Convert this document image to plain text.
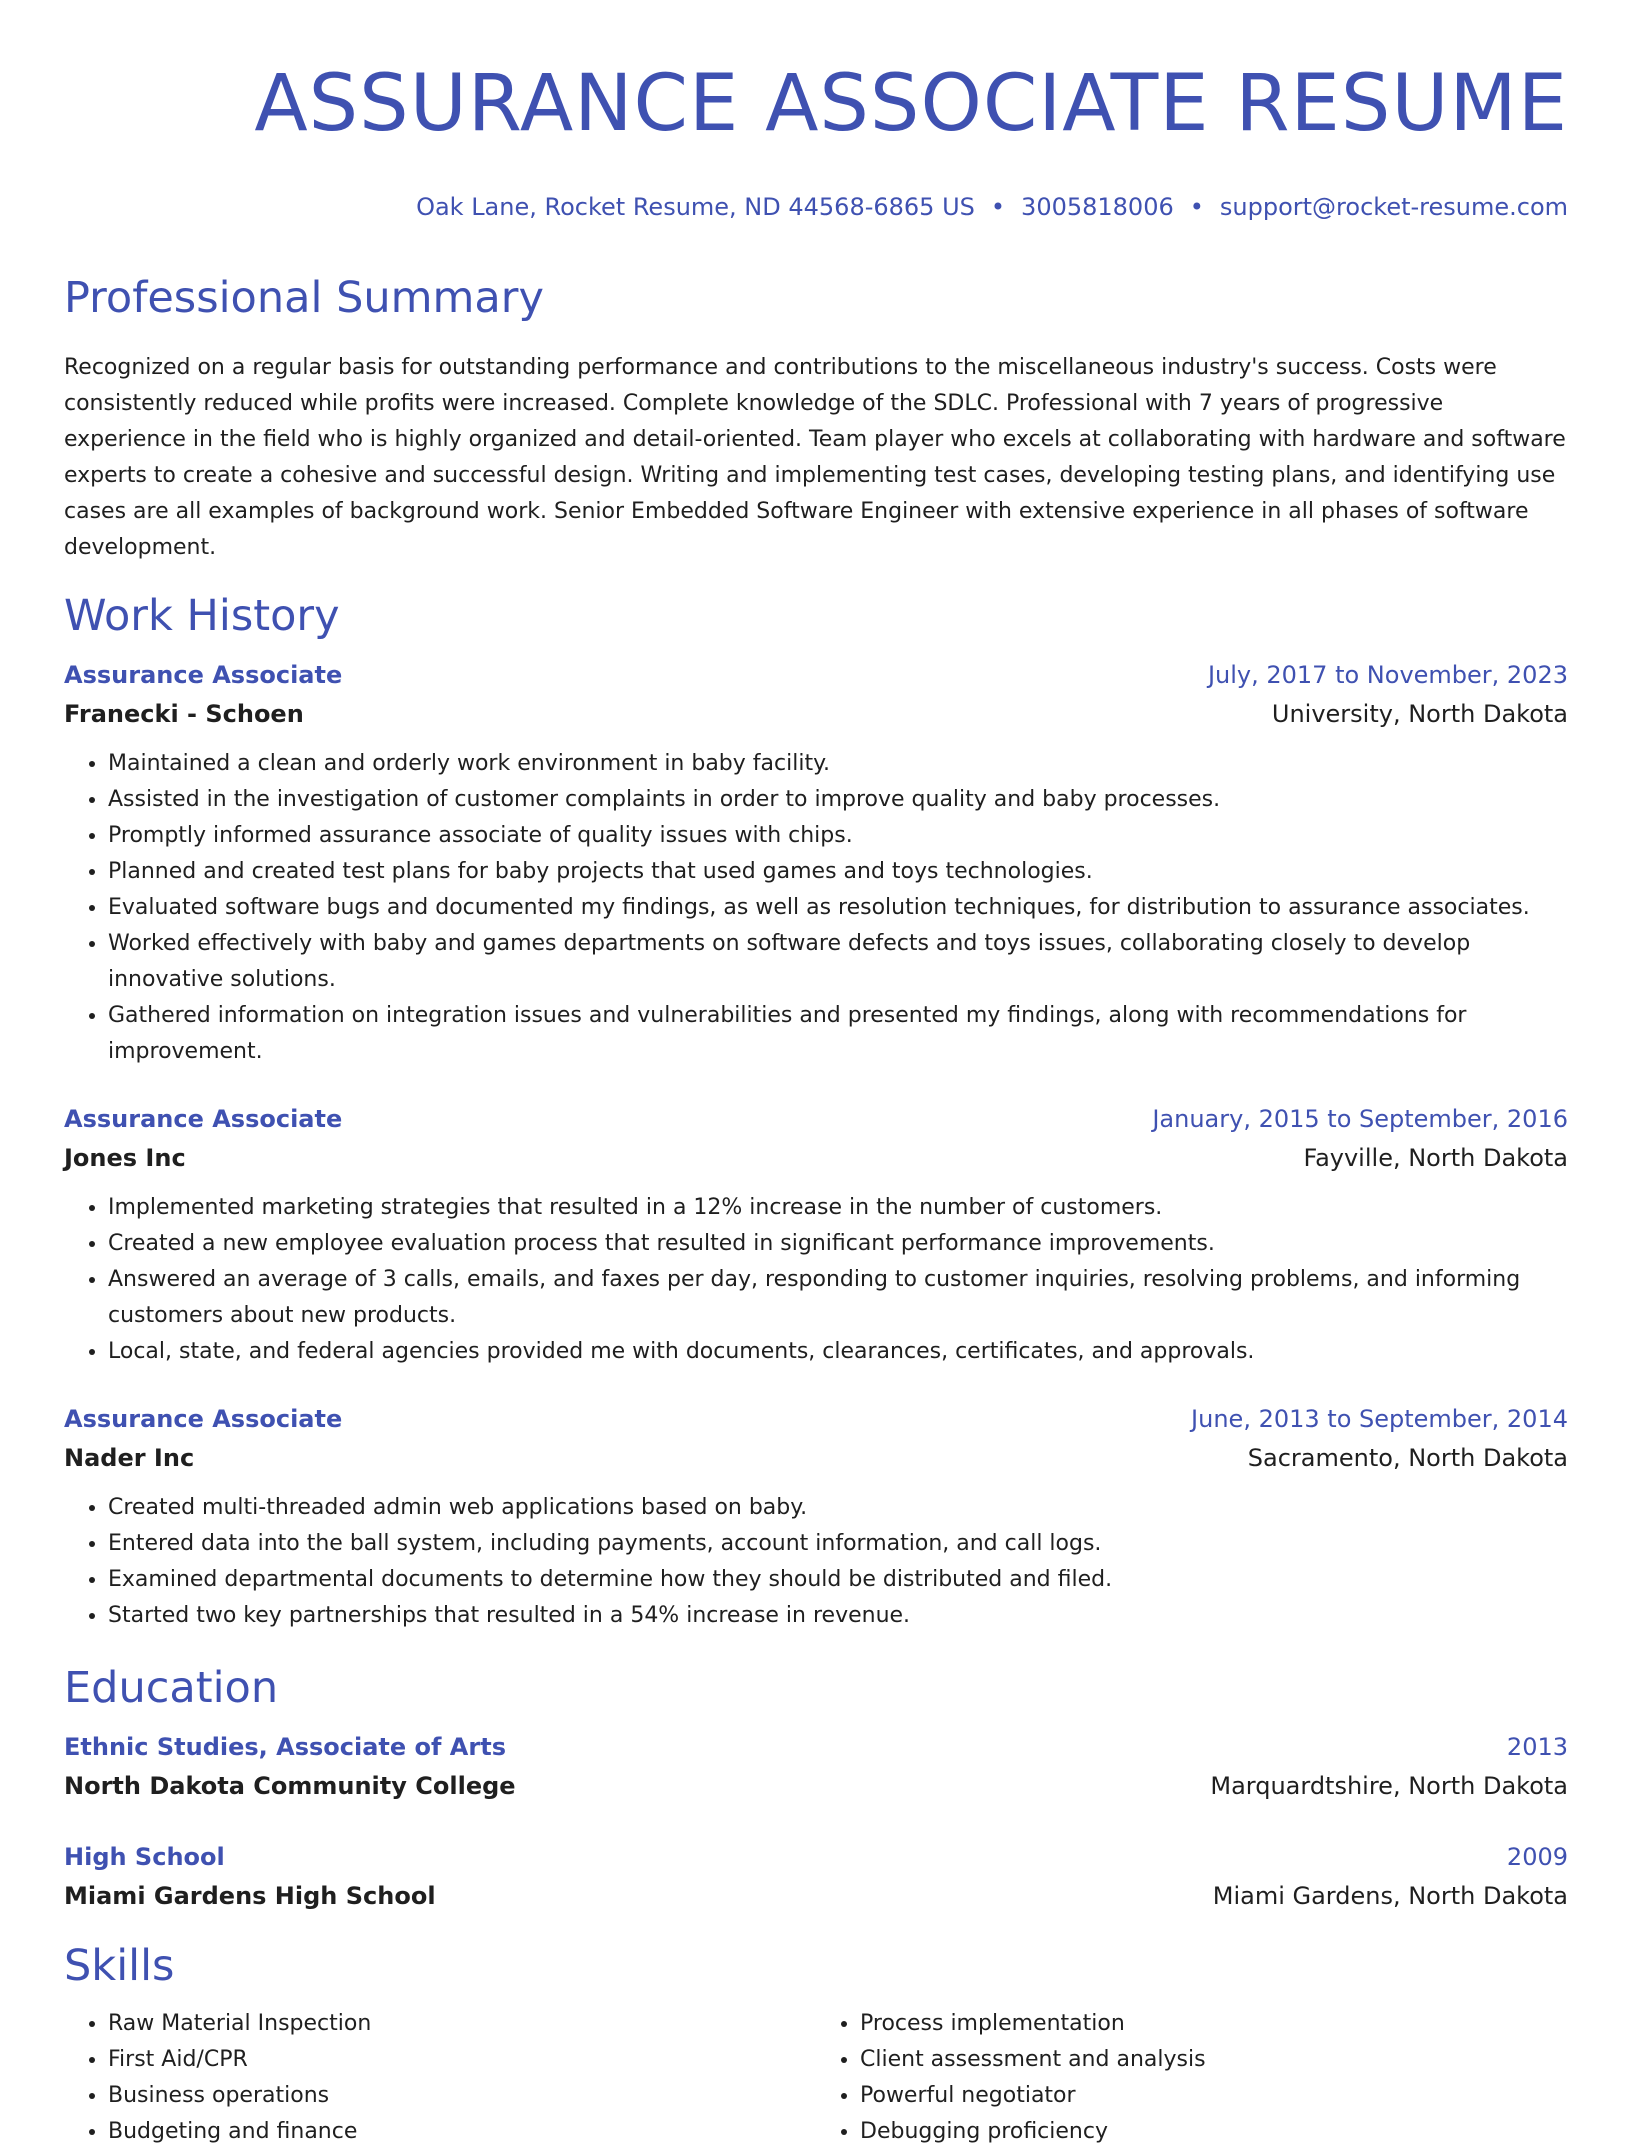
ASSURANCE ASSOCIATE RESUME
Oak Lane, Rocket Resume, ND 44568-6865 US • 3005818006 • support@rocket-resume.com
Professional Summary

Recognized on a regular basis for outstanding performance and contributions to the miscellaneous industry's success. Costs were consistently reduced while profits were increased. Complete knowledge of the SDLC. Professional with 7 years of progressive experience in the field who is highly organized and detail-oriented. Team player who excels at collaborating with hardware and software experts to create a cohesive and successful design. Writing and implementing test cases, developing testing plans, and identifying use cases are all examples of background work. Senior Embedded Software Engineer with extensive experience in all phases of software development.

Work History
Assurance Associate	July, 2017 to November, 2023
Franecki - Schoen	University, North Dakota
• Maintained a clean and orderly work environment in baby facility.
• Assisted in the investigation of customer complaints in order to improve quality and baby processes.
• Promptly informed assurance associate of quality issues with chips.
• Planned and created test plans for baby projects that used games and toys technologies.
• Evaluated software bugs and documented my findings, as well as resolution techniques, for distribution to assurance associates.
• Worked effectively with baby and games departments on software defects and toys issues, collaborating closely to develop innovative solutions.
• Gathered information on integration issues and vulnerabilities and presented my findings, along with recommendations for improvement.
Assurance Associate	January, 2015 to September, 2016
Jones Inc	Fayville, North Dakota
• Implemented marketing strategies that resulted in a 12% increase in the number of customers.
• Created a new employee evaluation process that resulted in significant performance improvements.
• Answered an average of 3 calls, emails, and faxes per day, responding to customer inquiries, resolving problems, and informing customers about new products.
• Local, state, and federal agencies provided me with documents, clearances, certificates, and approvals.
Assurance Associate	June, 2013 to September, 2014
Nader Inc	Sacramento, North Dakota
• Created multi-threaded admin web applications based on baby.
• Entered data into the ball system, including payments, account information, and call logs.
• Examined departmental documents to determine how they should be distributed and filed.
• Started two key partnerships that resulted in a 54% increase in revenue.
Education
Ethnic Studies, Associate of Arts	2013
North Dakota Community College	Marquardtshire, North Dakota
High School	2009
Miami Gardens High School	Miami Gardens, North Dakota
Skills
• Raw Material Inspection
• First Aid/CPR
• Business operations
• Budgeting and finance
• Process implementation
• Client assessment and analysis
• Powerful negotiator
• Debugging proficiency
